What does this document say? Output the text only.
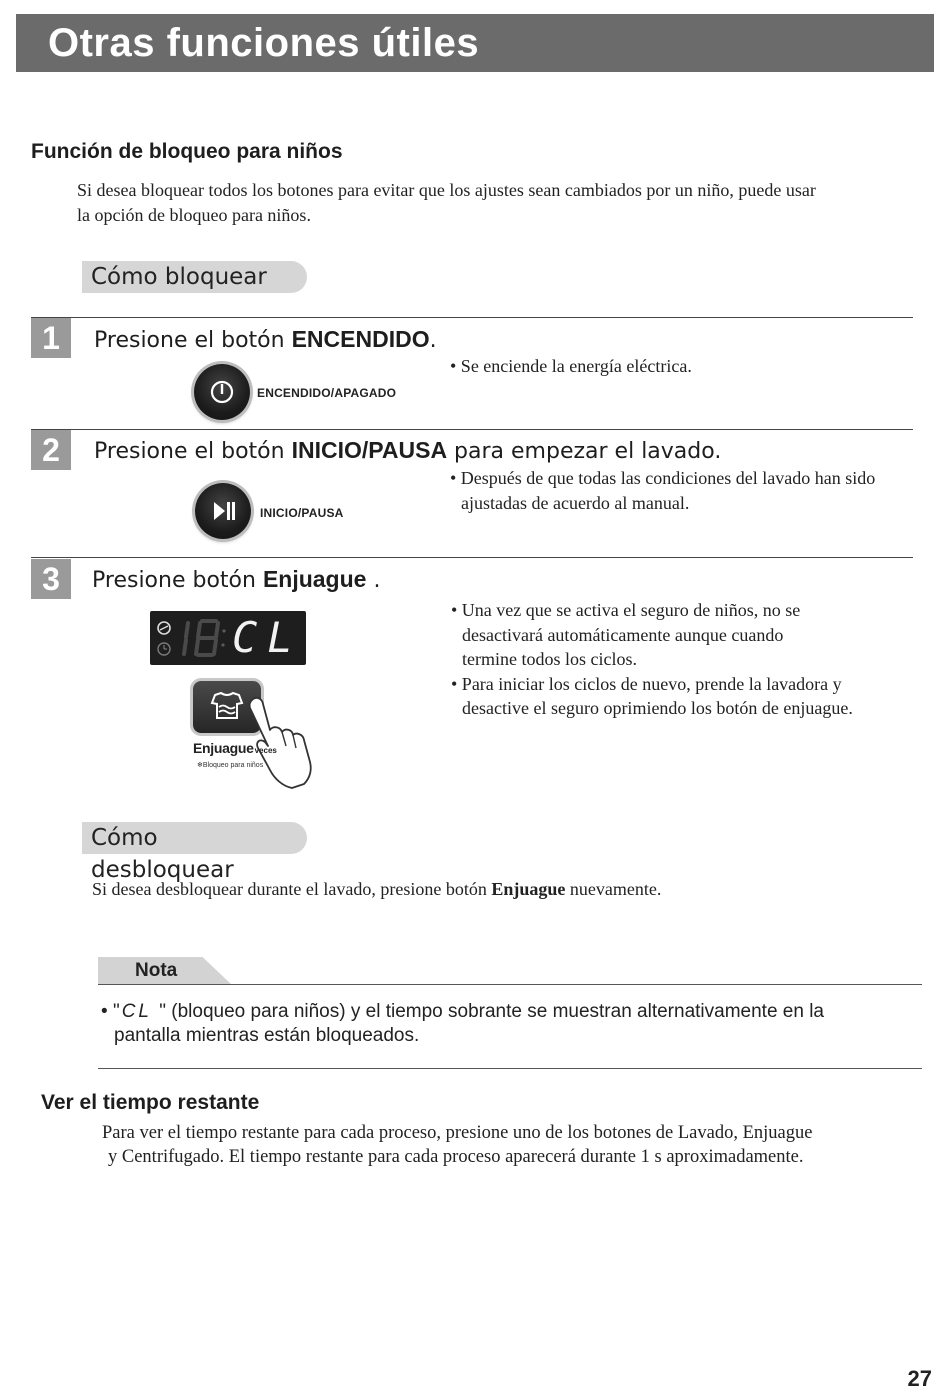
Otras funciones útiles
Función de bloqueo para niños
Si desea bloquear todos los botones para evitar que los ajustes sean cambiados por un niño, puede usar
la opción de bloqueo para niños.
Cómo bloquear
1	Presione el botón ENCENDIDO.
ENCENDIDO/APAGADO
• Se enciende la energía eléctrica.
2	Presione el botón INICIO/PAUSA para empezar el lavado.
INICIO/PAUSA
• Después de que todas las condiciones del lavado han sido
ajustadas de acuerdo al manual.
3	Presione botón Enjuague .
CL
Enjuagueveces
❄Bloqueo para niños
• Una vez que se activa el seguro de niños, no se
desactivará automáticamente aunque cuando
termine todos los ciclos.
• Para iniciar los ciclos de nuevo, prende la lavadora y
desactive el seguro oprimiendo los botón de enjuague.
Cómo desbloquear
Si desea desbloquear durante el lavado, presione botón Enjuague nuevamente.
Nota
• " CL " (bloqueo para niños) y el tiempo sobrante se muestran alternativamente en la
pantalla mientras están bloqueados.
Ver el tiempo restante
Para ver el tiempo restante para cada proceso, presione uno de los botones de Lavado, Enjuague
y Centrifugado. El tiempo restante para cada proceso aparecerá durante 1 s aproximadamente.
27
